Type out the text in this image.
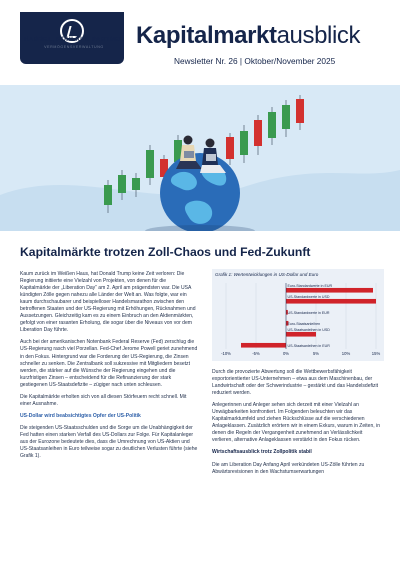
HABBEL, POHLIG & PARTNER
VERMÖGENSVERWALTUNG	Kapitalmarktausblick
Newsletter Nr. 26 | Oktober/November 2025
Kapitalmärkte trotzen Zoll-Chaos und Fed-Zukunft

Kaum zurück im Weißen Haus, hat Donald Trump keine Zeit verloren: Die Regierung initiierte eine Vielzahl von Projekten, von denen für die Kapitalmärkte der „Liberation Day“ am 2. April am prägendsten war. Die USA kündigten Zölle gegen nahezu alle Länder der Welt an. Was folgte, war ein kaum durchschaubarer und beispielloser Handelsmarathon zwischen den betroffenen Staaten und der US-Regierung mit Erhöhungen, Rücknahmen und Aussetzungen. Gleichzeitig kam es zu einem Einbruch an den Aktienmärkten, gefolgt von einer rasanten Erholung, die sogar über die Niveaus von vor dem Liberation Day führte.

Auch bei der amerikanischen Notenbank Federal Reserve (Fed) zerschlug die US-Regierung rasch viel Porzellan. Fed-Chef Jerome Powell geriet zunehmend in den Fokus. Hintergrund war die Forderung der US-Regierung, die Zinsen schneller zu senken. Die Zentralbank soll sukzessive mit Mitgliedern besetzt werden, die stärker auf die Wünsche der Regierung eingehen und die kurzfristigen Zinsen – entscheidend für die Refinanzierung der stark gestiegenen US-Staatsdefizite – zügiger nach unten schleusen.

Die Kapitalmärkte erholten sich von all diesen Störfeuern recht schnell. Mit einer Ausnahme.

US-Dollar wird beabsichtigtes Opfer der US-Politik

Die steigenden US-Staatsschulden und die Sorge um die Unabhängigkeit der Fed hatten einen starken Verfall des US-Dollars zur Folge. Für Kapitalanleger aus der Eurozone bedeutete dies, dass die Umrechnung von US-Aktien und US-Staatsanleihen in Euro teilweise sogar zu deutlichen Verlusten führte (siehe Grafik 1).

Grafik 1: Wertentwicklungen in US-Dollar und Euro
-10%	-5%	0%	5%	10%	15%
Euro-Standardwerte in EUR
US-Standardwerte in USD
US-Standardwerte in EUR
Euro-Staatsanleihen
US-Staatsanleihen in USD
US-Staatsanleihen in EUR

Durch die provozierte Abwertung soll die Wettbewerbsfähigkeit exportorientierter US-Unternehmen – etwa aus dem Maschinenbau, der Landwirtschaft oder der Schwerindustrie – gestärkt und das Handelsdefizit reduziert werden.

Anlegerinnen und Anleger sehen sich derzeit mit einer Vielzahl an Unwägbarkeiten konfrontiert. Im Folgenden beleuchten wir das Kapitalmarktumfeld und ziehen Rückschlüsse auf die verschiedenen Anlageklassen. Zusätzlich erörtern wir in einem Exkurs, warum in Zeiten, in denen die Regeln der Vergangenheit zunehmend an Verlässlichkeit verlieren, alternative Anlageklassen verstärkt in den Fokus rücken.

Wirtschaftsausblick trotz Zollpolitik stabil

Die am Liberation Day Anfang April verkündeten US-Zölle führten zu Abwärtsrevisionen in den Wachstumserwartungen
